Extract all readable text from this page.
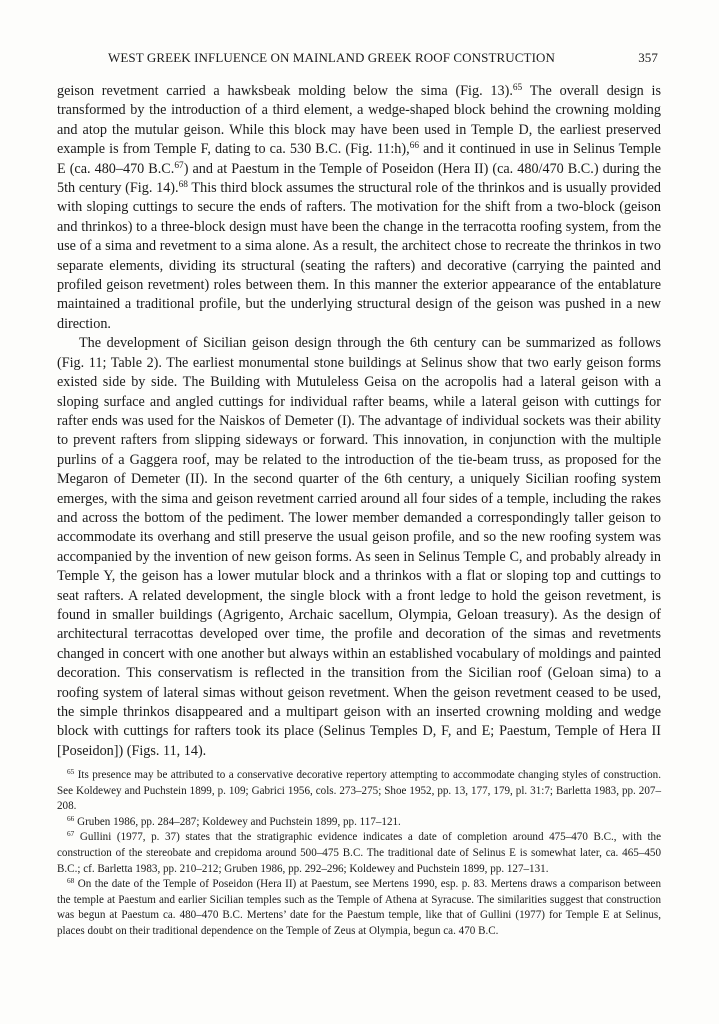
WEST GREEK INFLUENCE ON MAINLAND GREEK ROOF CONSTRUCTION	357

geison revetment carried a hawksbeak molding below the sima (Fig. 13).$^{65}$ The overall design is transformed by the introduction of a third element, a wedge-shaped block behind the crowning molding and atop the mutular geison. While this block may have been used in Temple D, the earliest preserved example is from Temple F, dating to ca. 530 B.C. (Fig. 11:h),$^{66}$ and it continued in use in Selinus Temple E (ca. 480–470 B.C.$^{67}$) and at Paestum in the Temple of Poseidon (Hera II) (ca. 480/470 B.C.) during the 5th century (Fig. 14).$^{68}$ This third block assumes the structural role of the thrinkos and is usually provided with sloping cuttings to secure the ends of rafters. The motivation for the shift from a two-block (geison and thrinkos) to a three-block design must have been the change in the terracotta roofing system, from the use of a sima and revetment to a sima alone. As a result, the architect chose to recreate the thrinkos in two separate elements, dividing its structural (seating the rafters) and decorative (carrying the painted and profiled geison revetment) roles between them. In this manner the exterior appearance of the entablature maintained a traditional profile, but the underlying structural design of the geison was pushed in a new direction.

The development of Sicilian geison design through the 6th century can be summarized as follows (Fig. 11; Table 2). The earliest monumental stone buildings at Selinus show that two early geison forms existed side by side. The Building with Mutuleless Geisa on the acropolis had a lateral geison with a sloping surface and angled cuttings for individual rafter beams, while a lateral geison with cuttings for rafter ends was used for the Naiskos of Demeter (I). The advantage of individual sockets was their ability to prevent rafters from slipping sideways or forward. This innovation, in conjunction with the multiple purlins of a Gaggera roof, may be related to the introduction of the tie-beam truss, as proposed for the Megaron of Demeter (II). In the second quarter of the 6th century, a uniquely Sicilian roofing system emerges, with the sima and geison revetment carried around all four sides of a temple, including the rakes and across the bottom of the pediment. The lower member demanded a correspondingly taller geison to accommodate its overhang and still preserve the usual geison profile, and so the new roofing system was accompanied by the invention of new geison forms. As seen in Selinus Temple C, and probably already in Temple Y, the geison has a lower mutular block and a thrinkos with a flat or sloping top and cuttings to seat rafters. A related development, the single block with a front ledge to hold the geison revetment, is found in smaller buildings (Agrigento, Archaic sacellum, Olympia, Geloan treasury). As the design of architectural terracottas developed over time, the profile and decoration of the simas and revetments changed in concert with one another but always within an established vocabulary of moldings and painted decoration. This conservatism is reflected in the transition from the Sicilian roof (Geloan sima) to a roofing system of lateral simas without geison revetment. When the geison revetment ceased to be used, the simple thrinkos disappeared and a multipart geison with an inserted crowning molding and wedge block with cuttings for rafters took its place (Selinus Temples D, F, and E; Paestum, Temple of Hera II [Poseidon]) (Figs. 11, 14).

$^{65}$ Its presence may be attributed to a conservative decorative repertory attempting to accommodate changing styles of construction. See Koldewey and Puchstein 1899, p. 109; Gabrici 1956, cols. 273–275; Shoe 1952, pp. 13, 177, 179, pl. 31:7; Barletta 1983, pp. 207–208.

$^{66}$ Gruben 1986, pp. 284–287; Koldewey and Puchstein 1899, pp. 117–121.

$^{67}$ Gullini (1977, p. 37) states that the stratigraphic evidence indicates a date of completion around 475–470 B.C., with the construction of the stereobate and crepidoma around 500–475 B.C. The traditional date of Selinus E is somewhat later, ca. 465–450 B.C.; cf. Barletta 1983, pp. 210–212; Gruben 1986, pp. 292–296; Koldewey and Puchstein 1899, pp. 127–131.

$^{68}$ On the date of the Temple of Poseidon (Hera II) at Paestum, see Mertens 1990, esp. p. 83. Mertens draws a comparison between the temple at Paestum and earlier Sicilian temples such as the Temple of Athena at Syracuse. The similarities suggest that construction was begun at Paestum ca. 480–470 B.C. Mertens’ date for the Paestum temple, like that of Gullini (1977) for Temple E at Selinus, places doubt on their traditional dependence on the Temple of Zeus at Olympia, begun ca. 470 B.C.
